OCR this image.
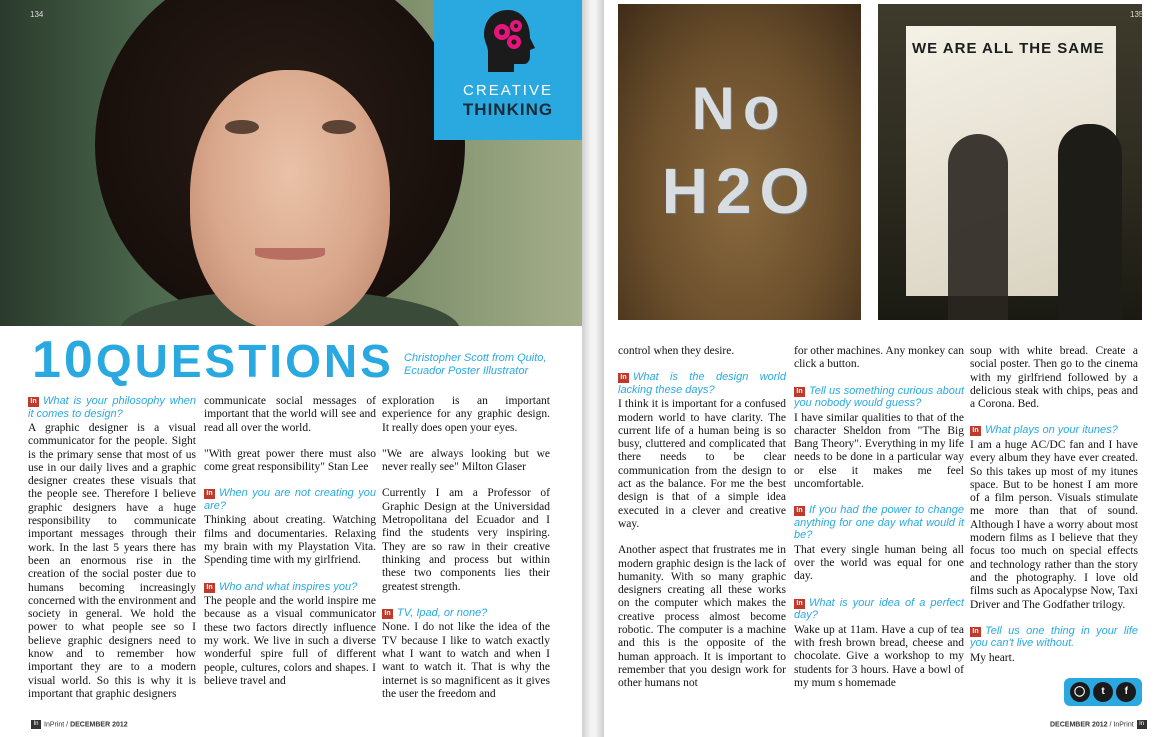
134
CREATIVE
THINKING
10QUESTIONS Christopher Scott from Quito, Ecuador Poster Illustrator
In What is your philosophy when it comes to design?

A graphic designer is a visual communicator for the people. Sight is the primary sense that most of us use in our daily lives and a graphic designer creates these visuals that the people see. Therefore I believe graphic designers have a huge responsibility to communicate important messages through their work. In the last 5 years there has been an enormous rise in the creation of the social poster due to humans becoming increasingly concerned with the environment and society in general. We hold the power to what people see so I believe graphic designers need to know and to remember how important they are to a modern visual world. So this is why it is important that graphic designers

communicate social messages of important that the world will see and read all over the world.

"With great power there must also come great responsibility" Stan Lee

In When you are not creating you are?

Thinking about creating. Watching films and documentaries. Relaxing my brain with my Playstation Vita. Spending time with my girlfriend.

In Who and what inspires you?

The people and the world inspire me because as a visual communicator these two factors directly influence my work. We live in such a diverse wonderful spire full of different people, cultures, colors and shapes. I believe travel and

exploration is an important experience for any graphic design. It really does open your eyes.

"We are always looking but we never really see" Milton Glaser

Currently I am a Professor of Graphic Design at the Universidad Metropolitana del Ecuador and I find the students very inspiring. They are so raw in their creative thinking and process but within these two components lies their greatest strength.

In TV, Ipad, or none?

None. I do not like the idea of the TV because I like to watch exactly what I want to watch and when I want to watch it. That is why the internet is so magnificent as it gives the user the freedom and

In InPrint / DECEMBER 2012
No
H2O
WE ARE ALL THE SAME
135

control when they desire.

In What is the design world lacking these days?

I think it is important for a confused modern world to have clarity. The current life of a human being is so busy, cluttered and complicated that there needs to be clear communication from the design to act as the balance. For me the best design is that of a simple idea executed in a clever and creative way.

Another aspect that frustrates me in modern graphic design is the lack of humanity. With so many graphic designers creating all these works on the computer which makes the creative process almost become robotic. The computer is a machine and this is the opposite of the human approach. It is important to remember that you design work for other humans not

for other machines. Any monkey can click a button.

In Tell us something curious about you nobody would guess?

I have similar qualities to that of the character Sheldon from "The Big Bang Theory". Everything in my life needs to be done in a particular way or else it makes me feel uncomfortable.

In If you had the power to change anything for one day what would it be?

That every single human being all over the world was equal for one day.

In What is your idea of a perfect day?

Wake up at 11am. Have a cup of tea with fresh brown bread, cheese and chocolate. Give a workshop to my students for 3 hours. Have a bowl of my mum s homemade

soup with white bread. Create a social poster. Then go to the cinema with my girlfriend followed by a delicious steak with chips, peas and a Corona. Bed.

In What plays on your itunes?

I am a huge AC/DC fan and I have every album they have ever created. So this takes up most of my itunes space. But to be honest I am more of a film person. Visuals stimulate me more than that of sound. Although I have a worry about most modern films as I believe that they focus too much on special effects and technology rather than the story and the photography. I love old films such as Apocalypse Now, Taxi Driver and The Godfather trilogy.

In Tell us one thing in your life you can't live without.

My heart.

◯	t	f
DECEMBER 2012 / InPrint In
